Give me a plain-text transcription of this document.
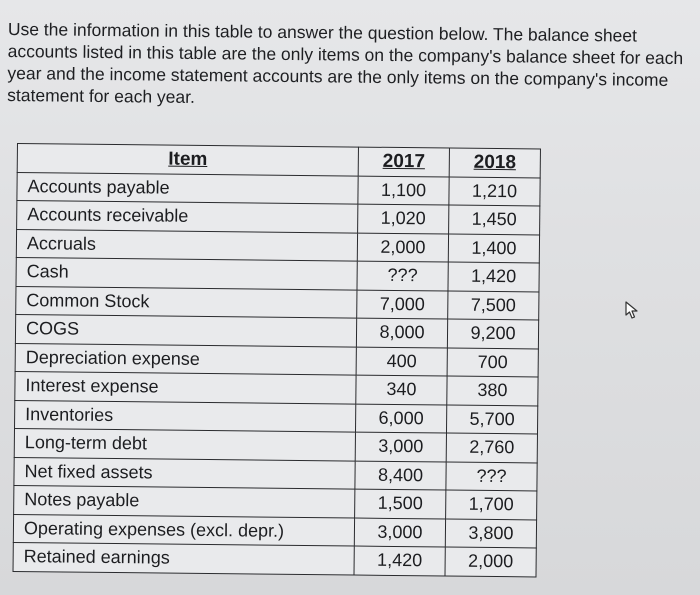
Use the information in this table to answer the question below. The balance sheet accounts listed in this table are the only items on the company's balance sheet for each year and the income statement accounts are the only items on the company's income statement for each year.

Item	2017	2018
Accounts payable	1,100	1,210
Accounts receivable	1,020	1,450
Accruals	2,000	1,400
Cash	???	1,420
Common Stock	7,000	7,500
COGS	8,000	9,200
Depreciation expense	400	700
Interest expense	340	380
Inventories	6,000	5,700
Long-term debt	3,000	2,760
Net fixed assets	8,400	???
Notes payable	1,500	1,700
Operating expenses (excl. depr.)	3,000	3,800
Retained earnings	1,420	2,000
